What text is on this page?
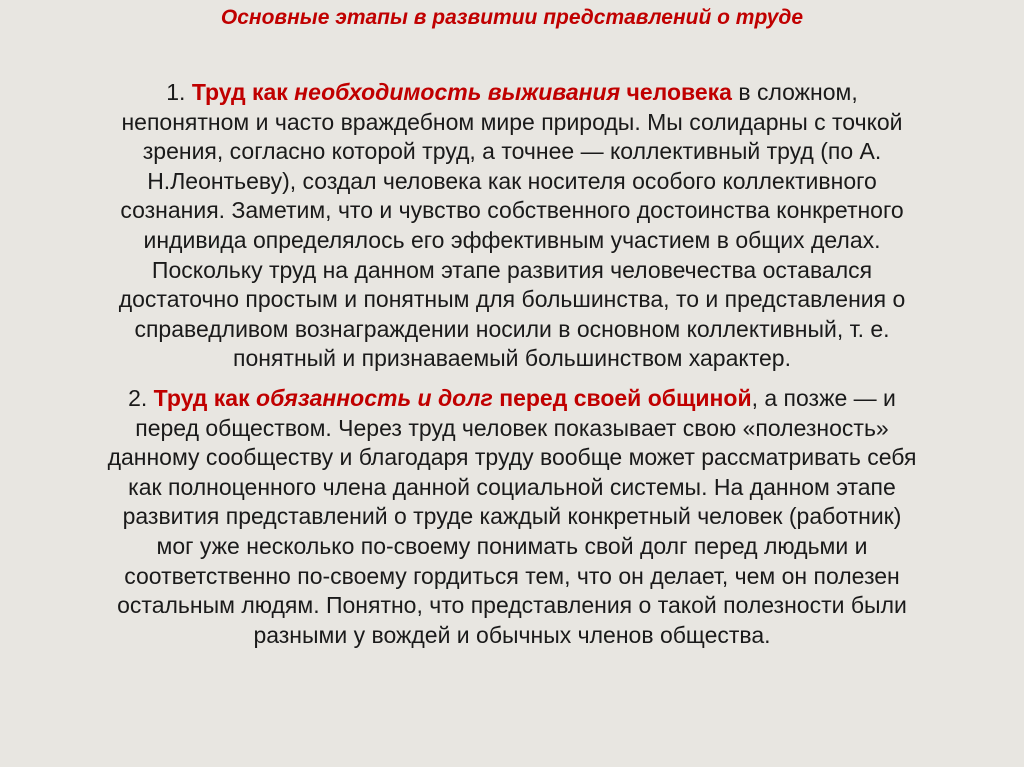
Основные этапы в развитии представлений о труде
1. Труд как необходимость выживания человека в сложном,
непонятном и часто враждебном мире природы. Мы солидарны с точкой
зрения, согласно которой труд, а точнее — коллективный труд (по А.
Н.Леонтьеву), создал человека как носителя особого коллективного
сознания. Заметим, что и чувство собственного достоинства конкретного
индивида определялось его эффективным участием в общих делах.
Поскольку труд на данном этапе развития человечества оставался
достаточно простым и понятным для большинства, то и представления о
справедливом вознаграждении носили в основном коллективный, т. е.
понятный и признаваемый большинством характер.
2. Труд как обязанность и долг перед своей общиной, а позже — и
перед обществом. Через труд человек показывает свою «полезность»
данному сообществу и благодаря труду вообще может рассматривать себя
как полноценного члена данной социальной системы. На данном этапе
развития представлений о труде каждый конкретный человек (работник)
мог уже несколько по-своему понимать свой долг перед людьми и
соответственно по-своему гордиться тем, что он делает, чем он полезен
остальным людям. Понятно, что представления о такой полезности были
разными у вождей и обычных членов общества.
